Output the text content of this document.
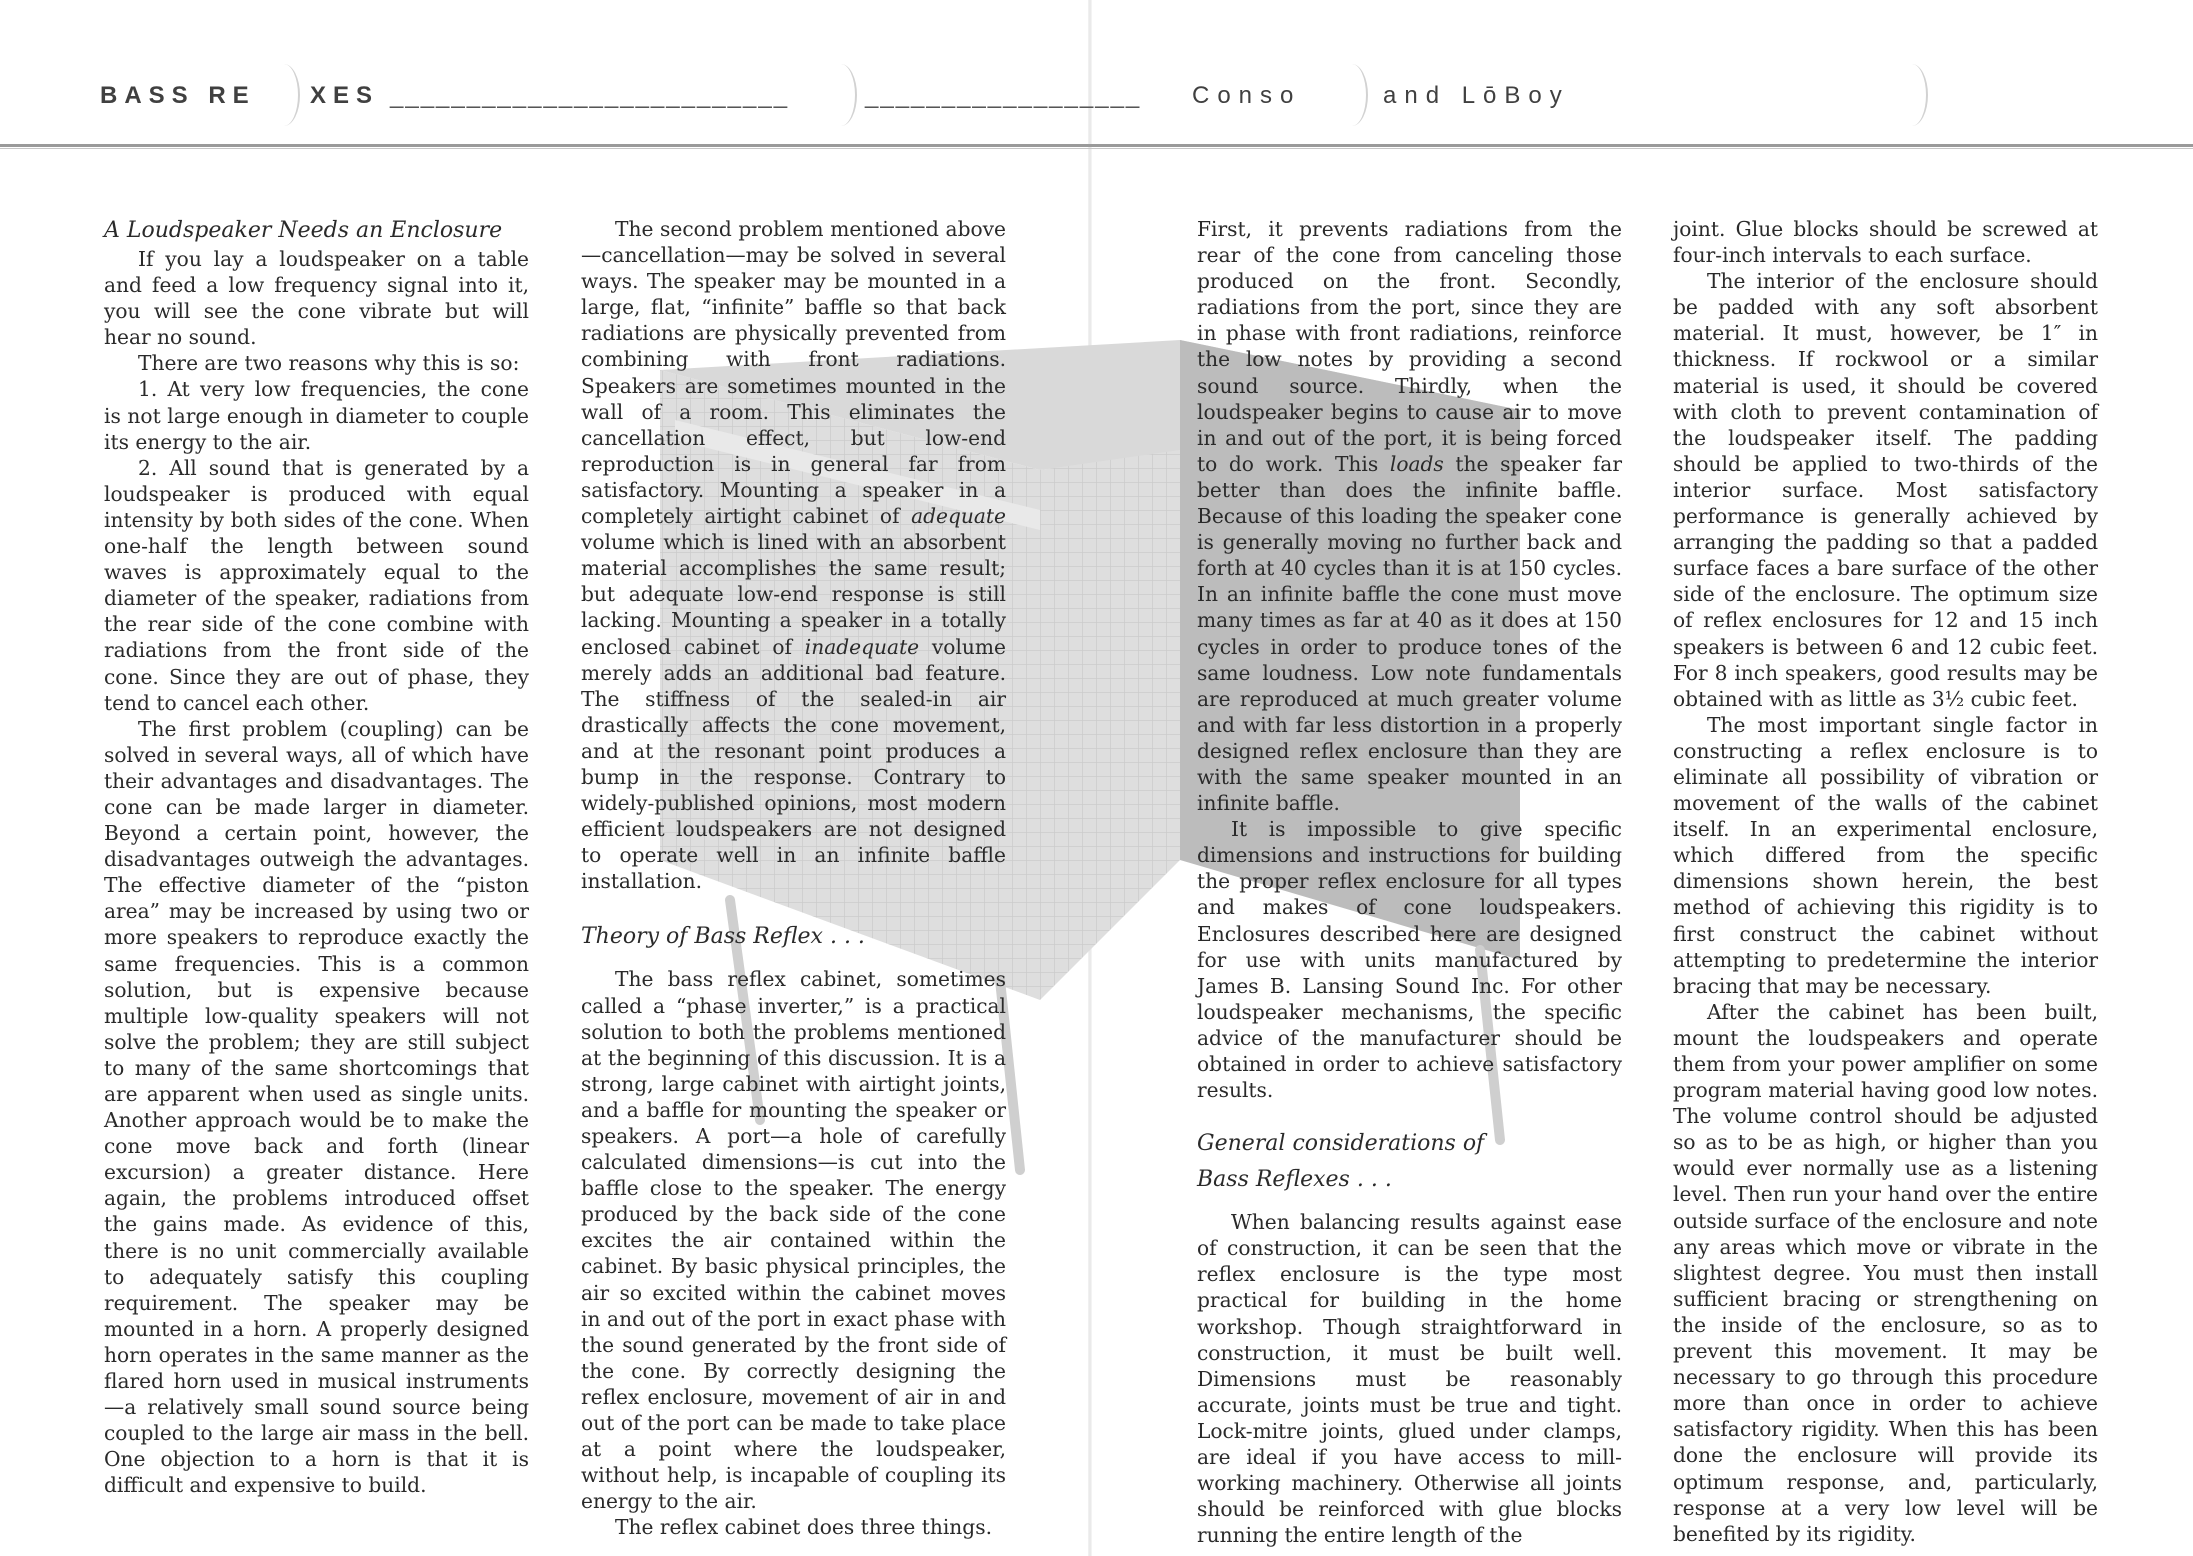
BASS RE XES __________________________	__________________ Conso	and LōBoy
A Loudspeaker Needs an Enclosure

If you lay a loudspeaker on a table and feed a low frequency signal into it, you will see the cone vibrate but will hear no sound.

There are two reasons why this is so:

1. At very low frequencies, the cone is not large enough in diameter to couple its energy to the air.

2. All sound that is generated by a loudspeaker is produced with equal intensity by both sides of the cone. When one-half the length between sound waves is approximately equal to the diameter of the speaker, radiations from the rear side of the cone combine with radiations from the front side of the cone. Since they are out of phase, they tend to cancel each other.

The first problem (coupling) can be solved in several ways, all of which have their advantages and disadvantages. The cone can be made larger in diameter. Beyond a certain point, however, the disadvantages outweigh the advantages. The effective diameter of the “piston area” may be increased by using two or more speakers to reproduce exactly the same frequencies. This is a common solution, but is expensive because multiple low-quality speakers will not solve the problem; they are still subject to many of the same shortcomings that are apparent when used as single units. Another approach would be to make the cone move back and forth (linear excursion) a greater distance. Here again, the problems introduced offset the gains made. As evidence of this, there is no unit commercially available to adequately satisfy this coupling requirement. The speaker may be mounted in a horn. A properly designed horn operates in the same manner as the flared horn used in musical instruments—a relatively small sound source being coupled to the large air mass in the bell. One objection to a horn is that it is difficult and expensive to build.

The second problem mentioned above—cancellation—may be solved in several ways. The speaker may be mounted in a large, flat, “infinite” baffle so that back radiations are physically prevented from combining with front radiations. Speakers are sometimes mounted in the wall of a room. This eliminates the cancellation effect, but low-end reproduction is in general far from satisfactory. Mounting a speaker in a completely airtight cabinet of adequate volume which is lined with an absorbent material accomplishes the same result; but adequate low-end response is still lacking. Mounting a speaker in a totally enclosed cabinet of inadequate volume merely adds an additional bad feature. The stiffness of the sealed-in air drastically affects the cone movement, and at the resonant point produces a bump in the response. Contrary to widely-published opinions, most modern efficient loudspeakers are not designed to operate well in an infinite baffle installation.

Theory of Bass Reflex . . .

The bass reflex cabinet, sometimes called a “phase inverter,” is a practical solution to both the problems mentioned at the beginning of this discussion. It is a strong, large cabinet with airtight joints, and a baffle for mounting the speaker or speakers. A port—a hole of carefully calculated dimensions—is cut into the baffle close to the speaker. The energy produced by the back side of the cone excites the air contained within the cabinet. By basic physical principles, the air so excited within the cabinet moves in and out of the port in exact phase with the sound generated by the front side of the cone. By correctly designing the reflex enclosure, movement of air in and out of the port can be made to take place at a point where the loudspeaker, without help, is incapable of coupling its energy to the air.

The reflex cabinet does three things.

First, it prevents radiations from the rear of the cone from canceling those produced on the front. Secondly, radiations from the port, since they are in phase with front radiations, reinforce the low notes by providing a second sound source. Thirdly, when the loudspeaker begins to cause air to move in and out of the port, it is being forced to do work. This loads the speaker far better than does the infinite baffle. Because of this loading the speaker cone is generally moving no further back and forth at 40 cycles than it is at 150 cycles. In an infinite baffle the cone must move many times as far at 40 as it does at 150 cycles in order to produce tones of the same loudness. Low note fundamentals are reproduced at much greater volume and with far less distortion in a properly designed reflex enclosure than they are with the same speaker mounted in an infinite baffle.

It is impossible to give specific dimensions and instructions for building the proper reflex enclosure for all types and makes of cone loudspeakers. Enclosures described here are designed for use with units manufactured by James B. Lansing Sound Inc. For other loudspeaker mechanisms, the specific advice of the manufacturer should be obtained in order to achieve satisfactory results.

General considerations of
Bass Reflexes . . .

When balancing results against ease of construction, it can be seen that the reflex enclosure is the type most practical for building in the home workshop. Though straightforward in construction, it must be built well. Dimensions must be reasonably accurate, joints must be true and tight. Lock-mitre joints, glued under clamps, are ideal if you have access to mill-working machinery. Otherwise all joints should be reinforced with glue blocks running the entire length of the

joint. Glue blocks should be screwed at four-inch intervals to each surface.

The interior of the enclosure should be padded with any soft absorbent material. It must, however, be 1″ in thickness. If rockwool or a similar material is used, it should be covered with cloth to prevent contamination of the loudspeaker itself. The padding should be applied to two-thirds of the interior surface. Most satisfactory performance is generally achieved by arranging the padding so that a padded surface faces a bare surface of the other side of the enclosure. The optimum size of reflex enclosures for 12 and 15 inch speakers is between 6 and 12 cubic feet. For 8 inch speakers, good results may be obtained with as little as 3½ cubic feet.

The most important single factor in constructing a reflex enclosure is to eliminate all possibility of vibration or movement of the walls of the cabinet itself. In an experimental enclosure, which differed from the specific dimensions shown herein, the best method of achieving this rigidity is to first construct the cabinet without attempting to predetermine the interior bracing that may be necessary.

After the cabinet has been built, mount the loudspeakers and operate them from your power amplifier on some program material having good low notes. The volume control should be adjusted so as to be as high, or higher than you would ever normally use as a listening level. Then run your hand over the entire outside surface of the enclosure and note any areas which move or vibrate in the slightest degree. You must then install sufficient bracing or strengthening on the inside of the enclosure, so as to prevent this movement. It may be necessary to go through this procedure more than once in order to achieve satisfactory rigidity. When this has been done the enclosure will provide its optimum response, and, particularly, response at a very low level will be benefited by its rigidity.
